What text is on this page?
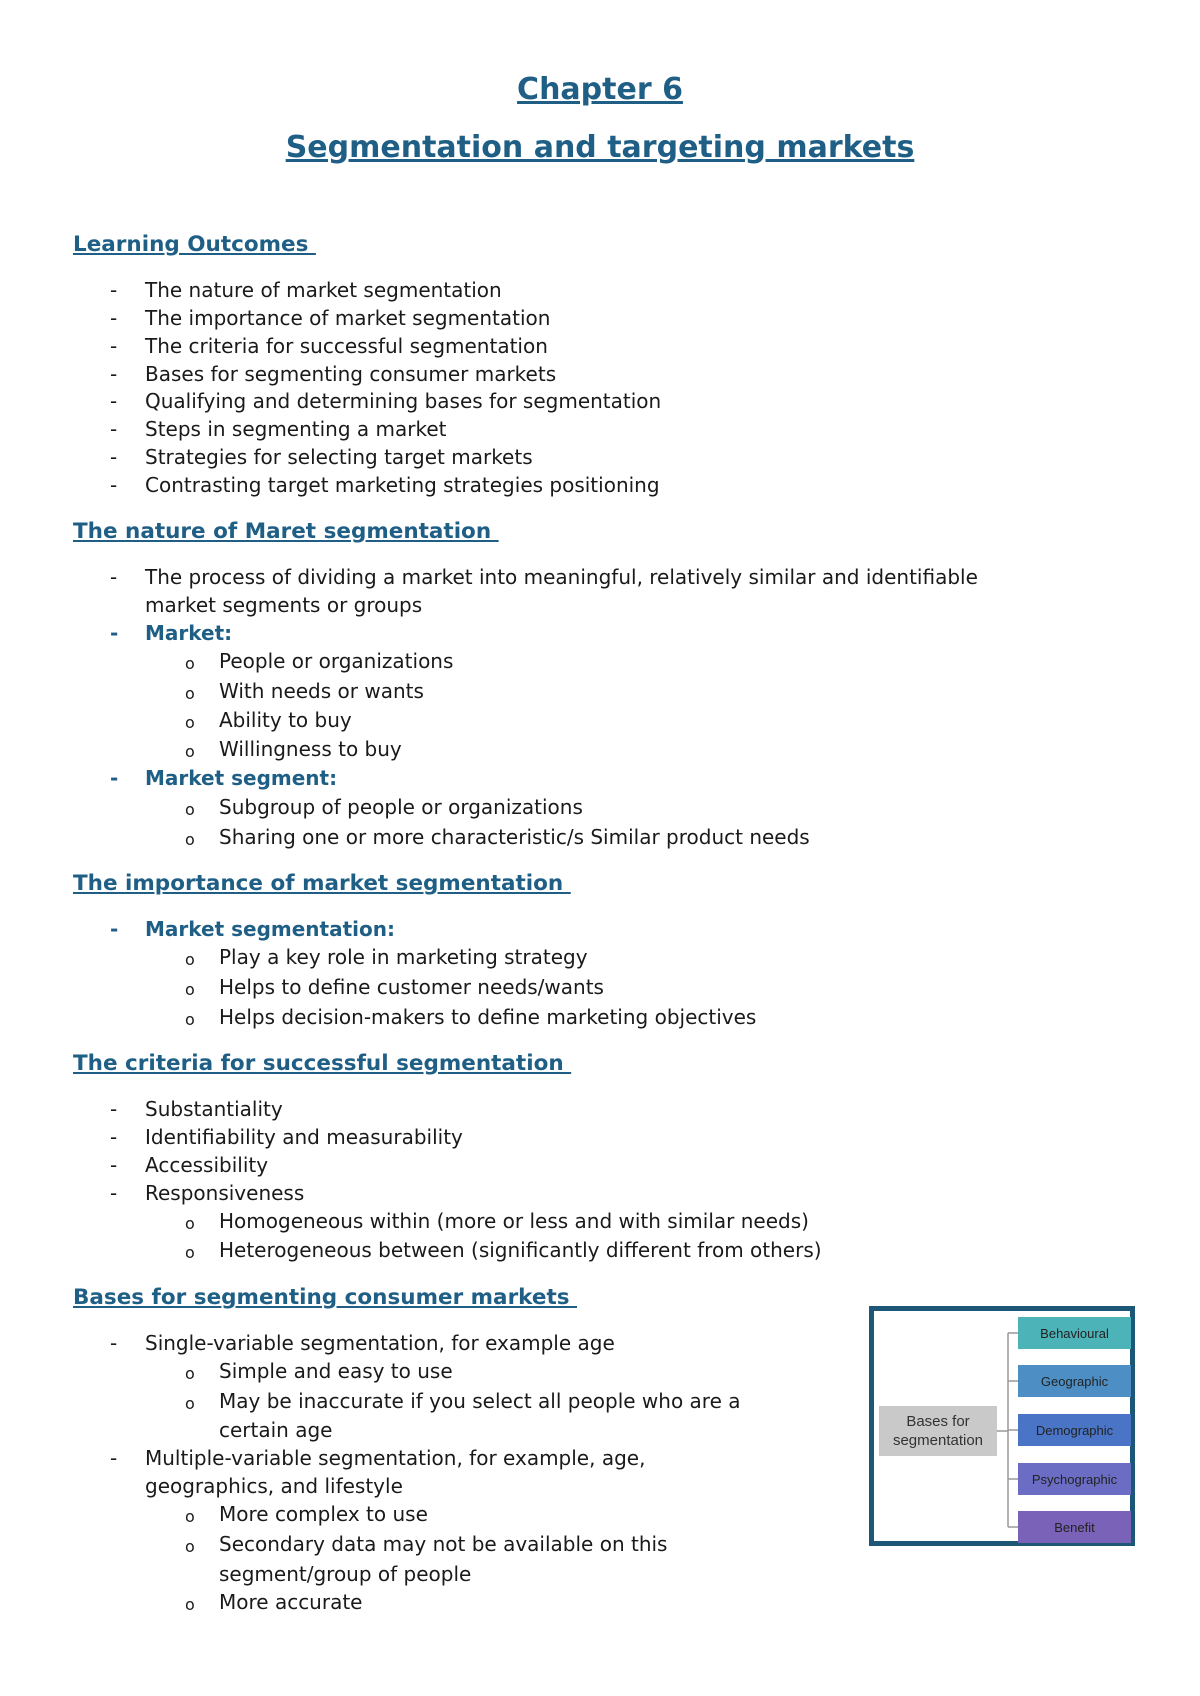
Chapter 6
Segmentation and targeting markets
Learning Outcomes
- The nature of market segmentation
- The importance of market segmentation
- The criteria for successful segmentation
- Bases for segmenting consumer markets
- Qualifying and determining bases for segmentation
- Steps in segmenting a market
- Strategies for selecting target markets
- Contrasting target marketing strategies positioning
The nature of Maret segmentation
- The process of dividing a market into meaningful, relatively similar and identifiable
market segments or groups
- Market:
o People or organizations
o With needs or wants
o Ability to buy
o Willingness to buy
- Market segment:
o Subgroup of people or organizations
o Sharing one or more characteristic/s Similar product needs
The importance of market segmentation
- Market segmentation:
o Play a key role in marketing strategy
o Helps to define customer needs/wants
o Helps decision-makers to define marketing objectives
The criteria for successful segmentation
- Substantiality
- Identifiability and measurability
- Accessibility
- Responsiveness
o Homogeneous within (more or less and with similar needs)
o Heterogeneous between (significantly different from others)
Bases for segmenting consumer markets
- Single-variable segmentation, for example age
o Simple and easy to use
o May be inaccurate if you select all people who are a
certain age
- Multiple-variable segmentation, for example, age,
geographics, and lifestyle
o More complex to use
o Secondary data may not be available on this
segment/group of people
o More accurate
Bases for segmentation
Behavioural
Geographic
Demographic
Psychographic
Benefit
